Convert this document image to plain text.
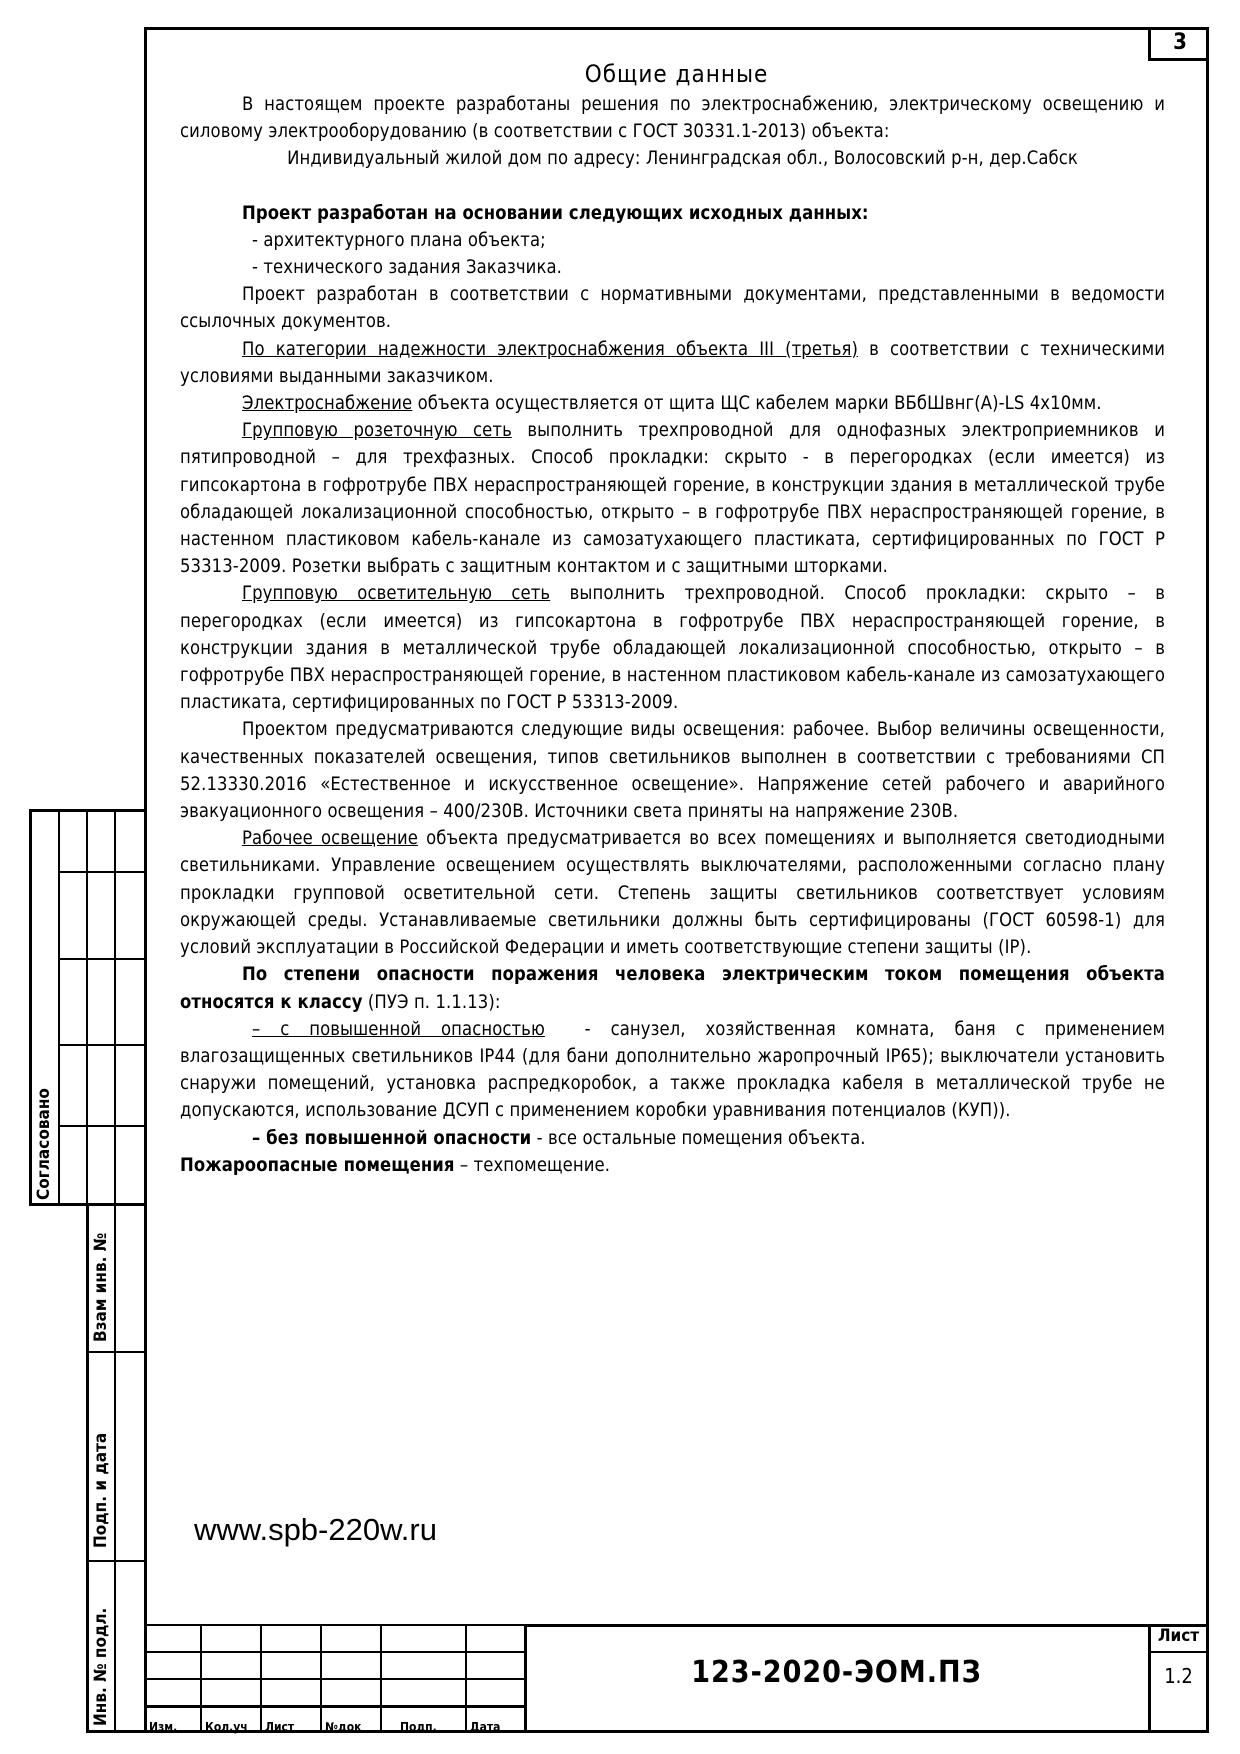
3
Общие данные

В настоящем проекте разработаны решения по электроснабжению, электрическому освещению и силовому электрооборудованию (в соответствии с ГОСТ 30331.1-2013) объекта:

Индивидуальный жилой дом по адресу: Ленинградская обл., Волосовский р-н, дер.Сабск

Проект разработан на основании следующих исходных данных:

- архитектурного плана объекта;

- технического задания Заказчика.

Проект разработан в соответствии с нормативными документами, представленными в ведомости ссылочных документов.

По категории надежности электроснабжения объекта III (третья) в соответствии с техническими условиями выданными заказчиком.

Электроснабжение объекта осуществляется от щита ЩС кабелем марки ВБбШвнг(А)-LS 4х10мм.

Групповую розеточную сеть выполнить трехпроводной для однофазных электроприемников и пятипроводной – для трехфазных. Способ прокладки: скрыто - в перегородках (если имеется) из гипсокартона в гофротрубе ПВХ нераспространяющей горение, в конструкции здания в металлической трубе обладающей локализационной способностью, открыто – в гофротрубе ПВХ нераспространяющей горение, в настенном пластиковом кабель-канале из самозатухающего пластиката, сертифицированных по ГОСТ Р 53313-2009. Розетки выбрать с защитным контактом и с защитными шторками.

Групповую осветительную сеть выполнить трехпроводной. Способ прокладки: скрыто – в перегородках (если имеется) из гипсокартона в гофротрубе ПВХ нераспространяющей горение, в конструкции здания в металлической трубе обладающей локализационной способностью, открыто – в гофротрубе ПВХ нераспространяющей горение, в настенном пластиковом кабель-канале из самозатухающего пластиката, сертифицированных по ГОСТ Р 53313-2009.

Проектом предусматриваются следующие виды освещения: рабочее. Выбор величины освещенности, качественных показателей освещения, типов светильников выполнен в соответствии с требованиями СП 52.13330.2016 «Естественное и искусственное освещение». Напряжение сетей рабочего и аварийного эвакуационного освещения – 400/230В. Источники света приняты на напряжение 230В.

Рабочее освещение объекта предусматривается во всех помещениях и выполняется светодиодными светильниками. Управление освещением осуществлять выключателями, расположенными согласно плану прокладки групповой осветительной сети. Степень защиты светильников соответствует условиям окружающей среды. Устанавливаемые светильники должны быть сертифицированы (ГОСТ 60598-1) для условий эксплуатации в Российской Федерации и иметь соответствующие степени защиты (IP).

По степени опасности поражения человека электрическим током помещения объекта относятся к классу (ПУЭ п. 1.1.13):

– с повышенной опасностью  - санузел, хозяйственная комната, баня с применением влагозащищенных светильников IP44 (для бани дополнительно жаропрочный IP65); выключатели установить снаружи помещений, установка распредкоробок, а также прокладка кабеля в металлической трубе не допускаются, использование ДСУП с применением коробки уравнивания потенциалов (КУП)).

– без повышенной опасности - все остальные помещения объекта.

Пожароопасные помещения – техпомещение.

www.spb-220w.ru
Согласовано
Взам инв. №
Подп. и дата
Инв. № подл.
Изм. Кол.уч Лист	№док	Подп.	Дата
123-2020-ЭОМ.ПЗ
Лист
1.2
